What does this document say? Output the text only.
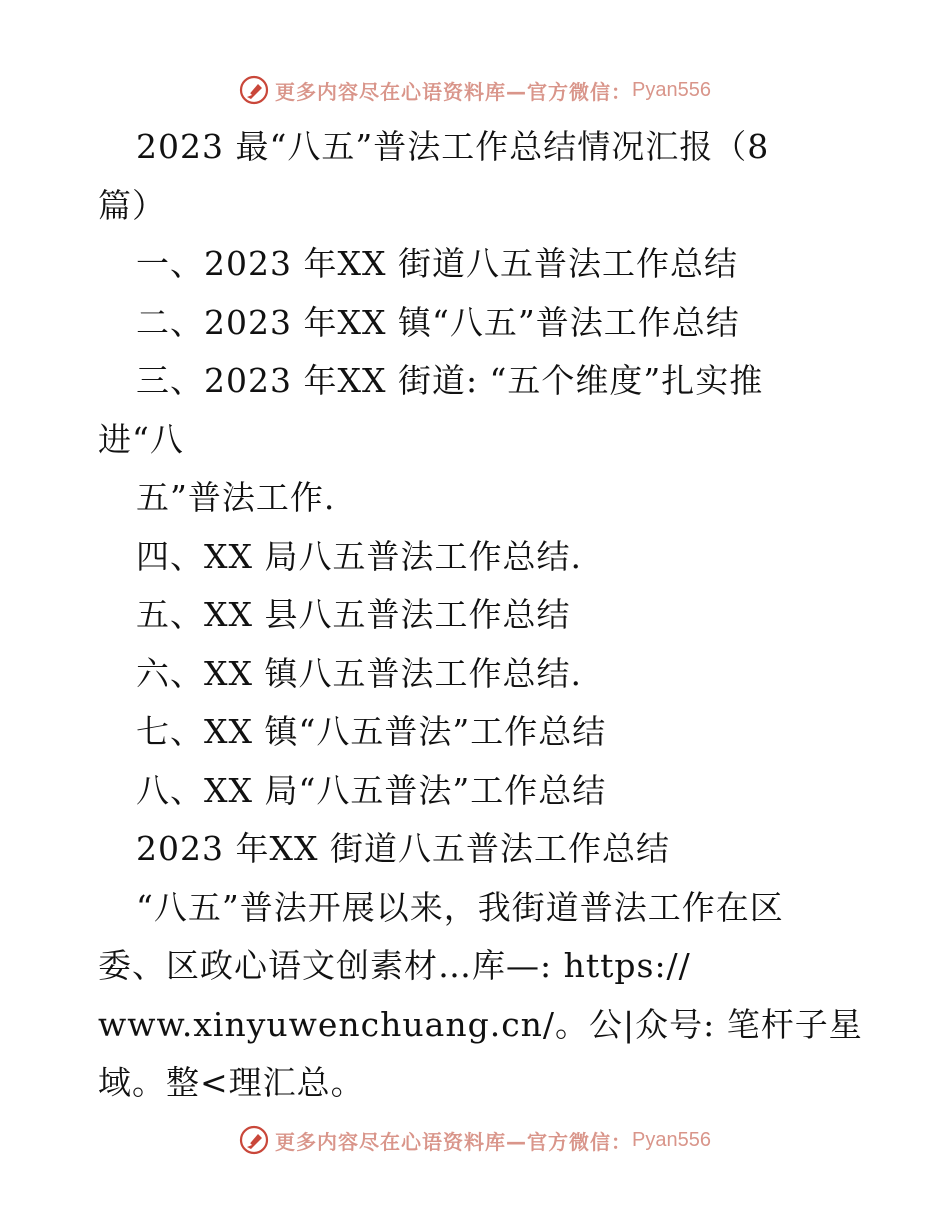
更多内容尽在心语资料库—官方微信： Pyan556
2023 最“八五”普法工作总结情况汇报（8
篇）
一、2023 年XX 街道八五普法工作总结
二、2023 年XX 镇“八五”普法工作总结
三、2023 年XX 街道: “五个维度”扎实推
进“八
五”普法工作.
四、XX 局八五普法工作总结.
五、XX 县八五普法工作总结
六、XX 镇八五普法工作总结.
七、XX 镇“八五普法”工作总结
八、XX 局“八五普法”工作总结
2023 年XX 街道八五普法工作总结
“八五”普法开展以来，我街道普法工作在区
委、区政心语文创素材…库—: https://
www.xinyuwenchuang.cn/。公|众号: 笔杆子星
域。整<理汇总。
更多内容尽在心语资料库—官方微信： Pyan556
